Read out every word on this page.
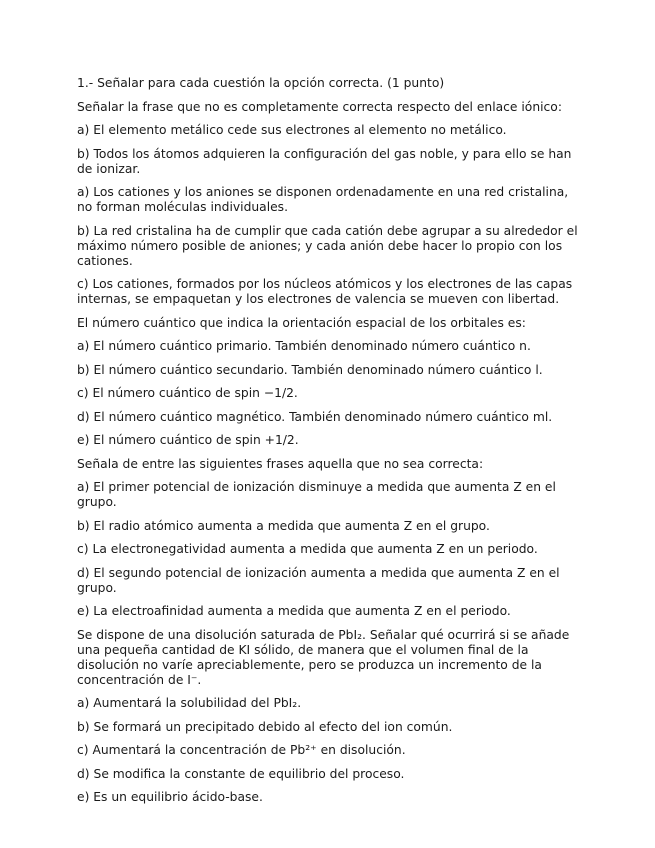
1.- Señalar para cada cuestión la opción correcta. (1 punto)

Señalar la frase que no es completamente correcta respecto del enlace iónico:

a) El elemento metálico cede sus electrones al elemento no metálico.

b) Todos los átomos adquieren la configuración del gas noble, y para ello se han de ionizar.

a) Los cationes y los aniones se disponen ordenadamente en una red cristalina, no forman moléculas individuales.

b) La red cristalina ha de cumplir que cada catión debe agrupar a su alrededor el máximo número posible de aniones; y cada anión debe hacer lo propio con los cationes.

c) Los cationes, formados por los núcleos atómicos y los electrones de las capas internas, se empaquetan y los electrones de valencia se mueven con libertad.

El número cuántico que indica la orientación espacial de los orbitales es:

a) El número cuántico primario. También denominado número cuántico n.

b) El número cuántico secundario. También denominado número cuántico l.

c) El número cuántico de spin −1/2.

d) El número cuántico magnético. También denominado número cuántico ml.

e) El número cuántico de spin +1/2.

Señala de entre las siguientes frases aquella que no sea correcta:

a) El primer potencial de ionización disminuye a medida que aumenta Z en el grupo.

b) El radio atómico aumenta a medida que aumenta Z en el grupo.

c) La electronegatividad aumenta a medida que aumenta Z en un periodo.

d) El segundo potencial de ionización aumenta a medida que aumenta Z en el grupo.

e) La electroafinidad aumenta a medida que aumenta Z en el periodo.

Se dispone de una disolución saturada de PbI₂. Señalar qué ocurrirá si se añade una pequeña cantidad de KI sólido, de manera que el volumen final de la disolución no varíe apreciablemente, pero se produzca un incremento de la concentración de I⁻.

a) Aumentará la solubilidad del PbI₂.

b) Se formará un precipitado debido al efecto del ion común.

c) Aumentará la concentración de Pb²⁺ en disolución.

d) Se modifica la constante de equilibrio del proceso.

e) Es un equilibrio ácido-base.
